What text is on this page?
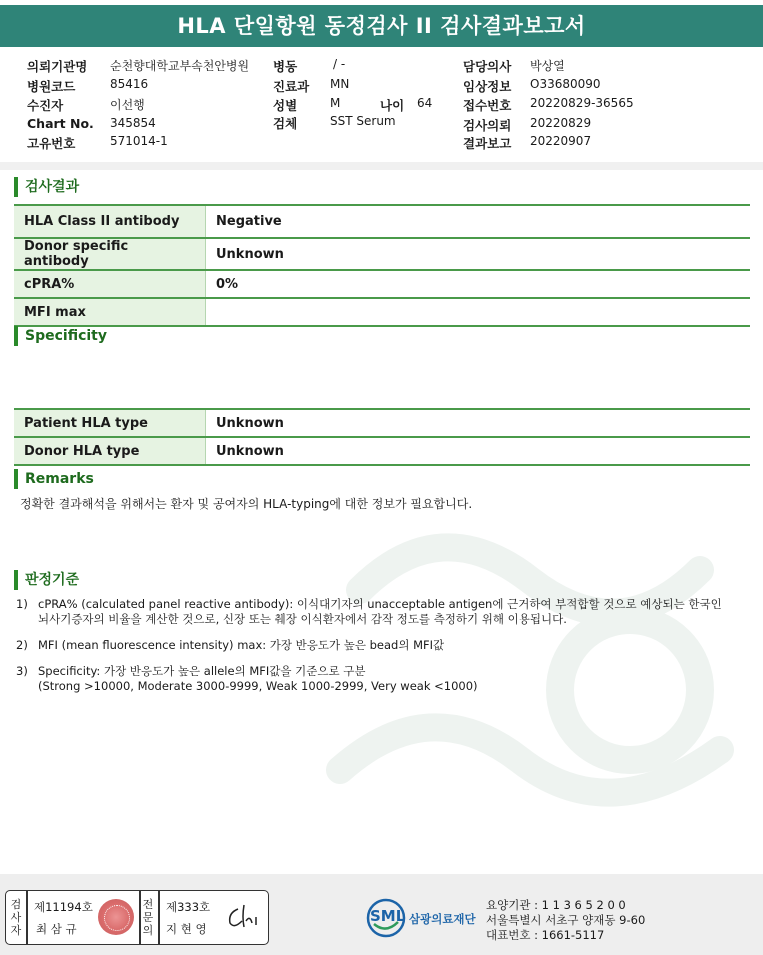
HLA 단일항원 동정검사 II 검사결과보고서
의뢰기관명 순천향대학교부속천안병원
병원코드	85416
수진자	이선행
Chart No. 345854
고유번호	571014-1
병동	/ -
진료과 MN
성별	M	나이 64
검체	SST Serum
담당의사 박상열
임상정보 O33680090
접수번호 20220829-36565
검사의뢰 20220829
결과보고 20220907
검사결과
HLA Class II antibody	Negative
Donor specific antibody	Unknown
cPRA%	0%
MFI max	
Specificity
Patient HLA type	Unknown
Donor HLA type	Unknown
Remarks
정확한 결과해석을 위해서는 환자 및 공여자의 HLA-typing에 대한 정보가 필요합니다.
판정기준
1) cPRA% (calculated panel reactive antibody): 이식대기자의 unacceptable antigen에 근거하여 부적합할 것으로 예상되는 한국인
뇌사기증자의 비율을 계산한 것으로, 신장 또는 췌장 이식환자에서 감작 정도를 측정하기 위해 이용됩니다.
2) MFI (mean fluorescence intensity) max: 가장 반응도가 높은 bead의 MFI값
3) Specificity: 가장 반응도가 높은 allele의 MFI값을 기준으로 구분
(Strong >10000, Moderate 3000-9999, Weak 1000-2999, Very weak <1000)
검
사
자
제11194호
최 삼 규
전
문
의
제333호
지 현 영
SML 삼광의료재단
요양기관 : 1 1 3 6 5 2 0 0
서울특별시 서초구 양재동 9-60
대표번호 : 1661-5117
